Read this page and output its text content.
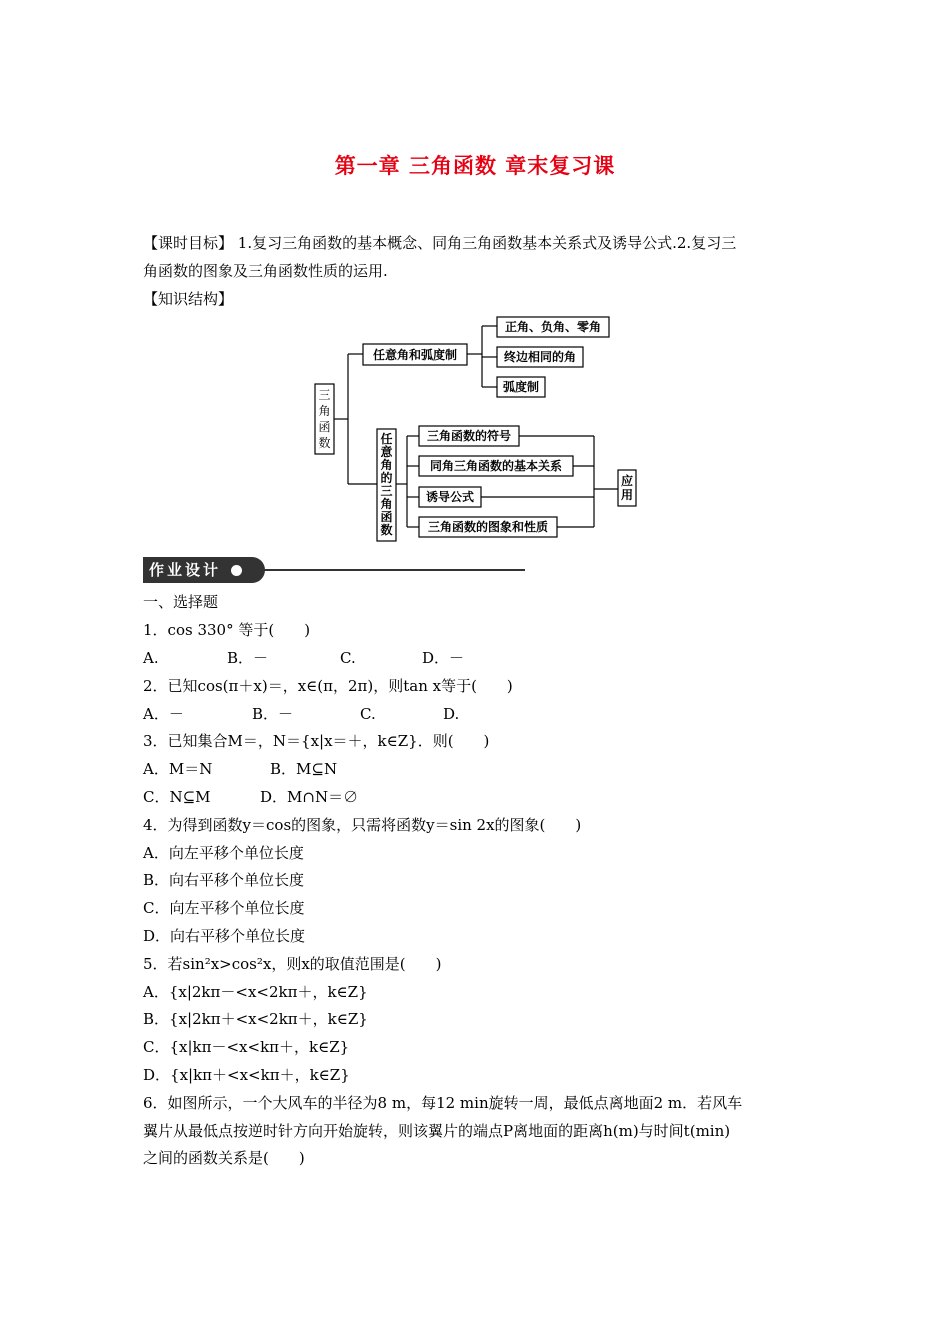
第一章 三角函数 章末复习课
【课时目标】 1.复习三角函数的基本概念、同角三角函数基本关系式及诱导公式.2.复习三
角函数的图象及三角函数性质的运用.
【知识结构】
三
角
函
数
任意角和弧度制
正角、负角、零角
终边相同的角
弧度制
任
意
角
的
三
角
函
数
三角函数的符号
同角三角函数的基本关系
诱导公式
三角函数的图象和性质
应
用
作业设计
一、选择题
1．cos 330° 等于(　　)
A.	B．－	C.	D．－
2．已知cos(π＋x)＝，x∈(π，2π)，则tan x等于(　　)
A．－	B．－	C.	D.
3．已知集合M＝，N＝{x|x＝＋，k∈Z}．则(　　)
A．M＝N	B．M⊆N
C．N⊆M	D．M∩N＝∅
4．为得到函数y＝cos的图象，只需将函数y＝sin 2x的图象(　　)
A．向左平移个单位长度
B．向右平移个单位长度
C．向左平移个单位长度
D．向右平移个单位长度
5．若sin²x>cos²x，则x的取值范围是(　　)
A．{x|2kπ－<x<2kπ＋，k∈Z}
B．{x|2kπ＋<x<2kπ＋，k∈Z}
C．{x|kπ－<x<kπ＋，k∈Z}
D．{x|kπ＋<x<kπ＋，k∈Z}
6．如图所示，一个大风车的半径为8 m，每12 min旋转一周，最低点离地面2 m．若风车
翼片从最低点按逆时针方向开始旋转，则该翼片的端点P离地面的距离h(m)与时间t(min)
之间的函数关系是(　　)
